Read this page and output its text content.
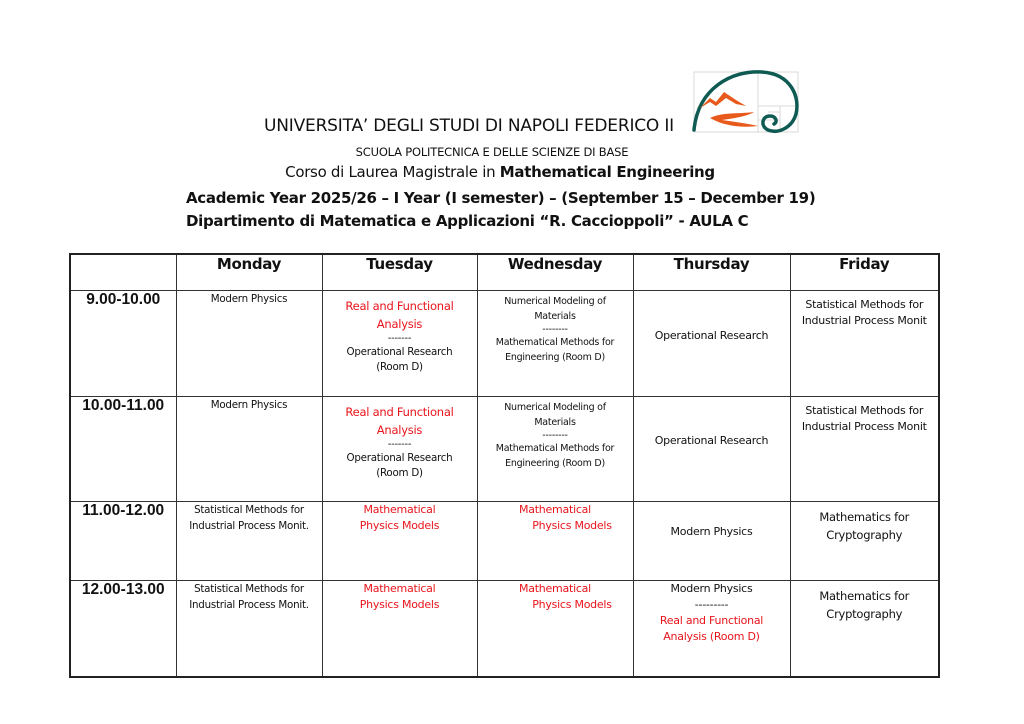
UNIVERSITA’ DEGLI STUDI DI NAPOLI FEDERICO II
SCUOLA POLITECNICA E DELLE SCIENZE DI BASE
Corso di Laurea Magistrale in Mathematical Engineering
Academic Year 2025/26 – I Year (I semester) – (September 15 – December 19)
Dipartimento di Matematica e Applicazioni “R. Caccioppoli” - AULA C
	Monday	Tuesday	Wednesday	Thursday	Friday
9.00-10.00	Modern Physics	Real and Functional
Analysis
-------
Operational Research
(Room D)	Numerical Modeling of
Materials
--------
Mathematical Methods for
Engineering (Room D)	Operational Research	Statistical Methods for
Industrial Process Monit

10.00-11.00	Modern Physics	Real and Functional
Analysis
-------
Operational Research
(Room D)	Numerical Modeling of
Materials
--------
Mathematical Methods for
Engineering (Room D)	Operational Research	Statistical Methods for
Industrial Process Monit

11.00-12.00	Statistical Methods for
Industrial Process Monit.	Mathematical
Physics Models	Mathematical
Physics Models	Modern Physics	Mathematics for
Cryptography

12.00-13.00	Statistical Methods for
Industrial Process Monit.	Mathematical
Physics Models	Mathematical
Physics Models	Modern Physics
---------
Real and Functional
Analysis (Room D)	Mathematics for
Cryptography
